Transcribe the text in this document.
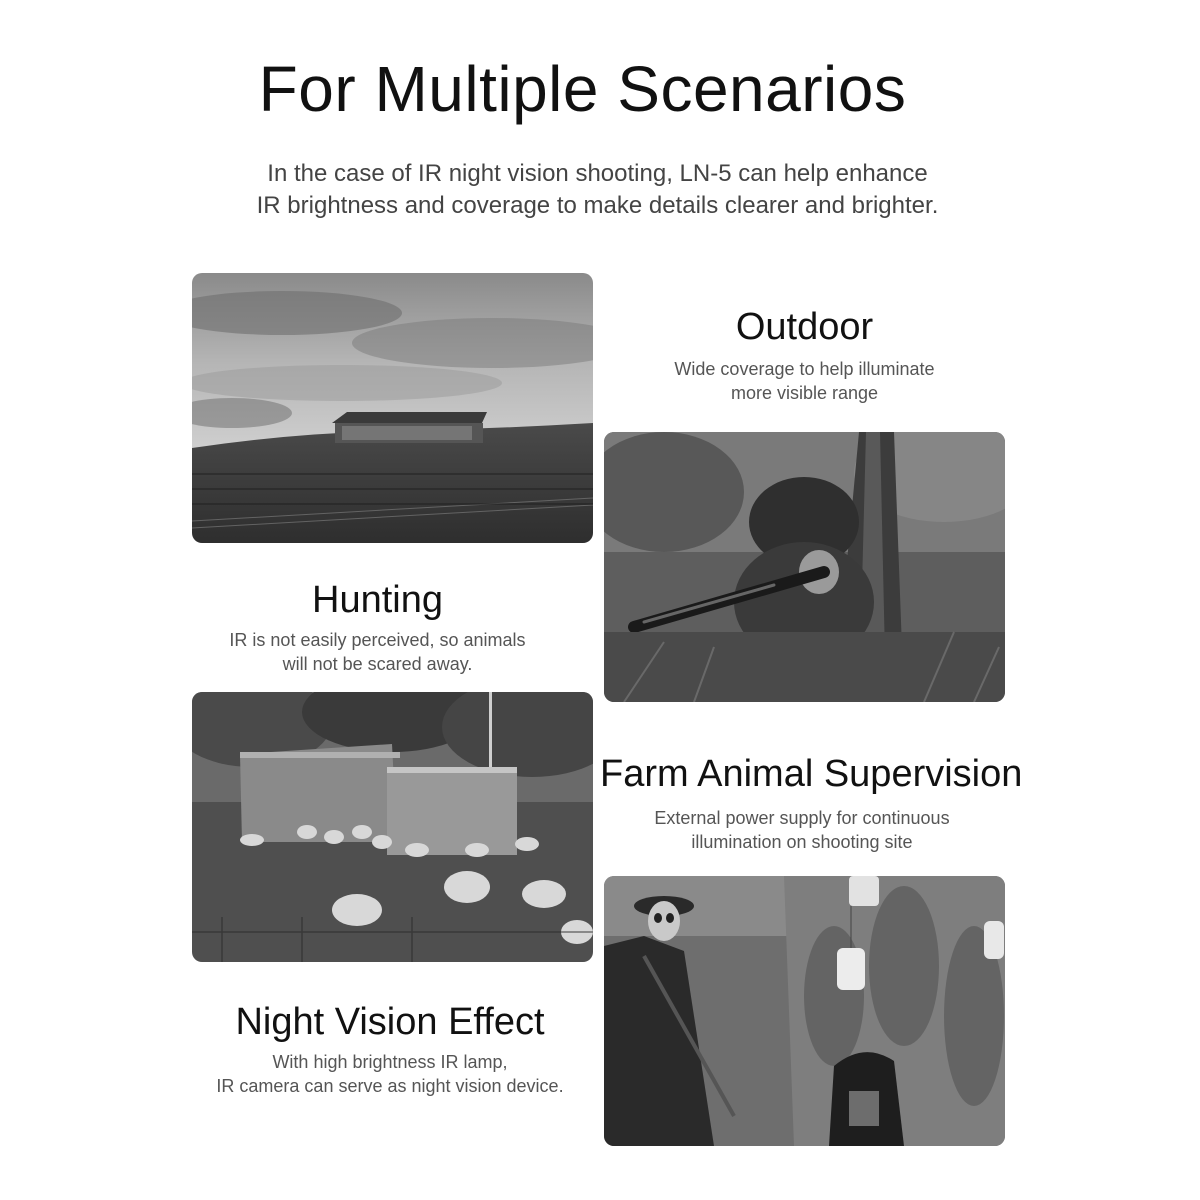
For Multiple Scenarios
In the case of IR night vision shooting, LN-5 can help enhance
IR brightness and coverage to make details clearer and brighter.
Outdoor
Wide coverage to help illuminate
more visible range
Hunting
IR is not easily perceived, so animals
will not be scared away.
Farm Animal Supervision
External power supply for continuous
illumination on shooting site
Night Vision Effect
With high brightness IR lamp,
IR camera can serve as night vision device.
